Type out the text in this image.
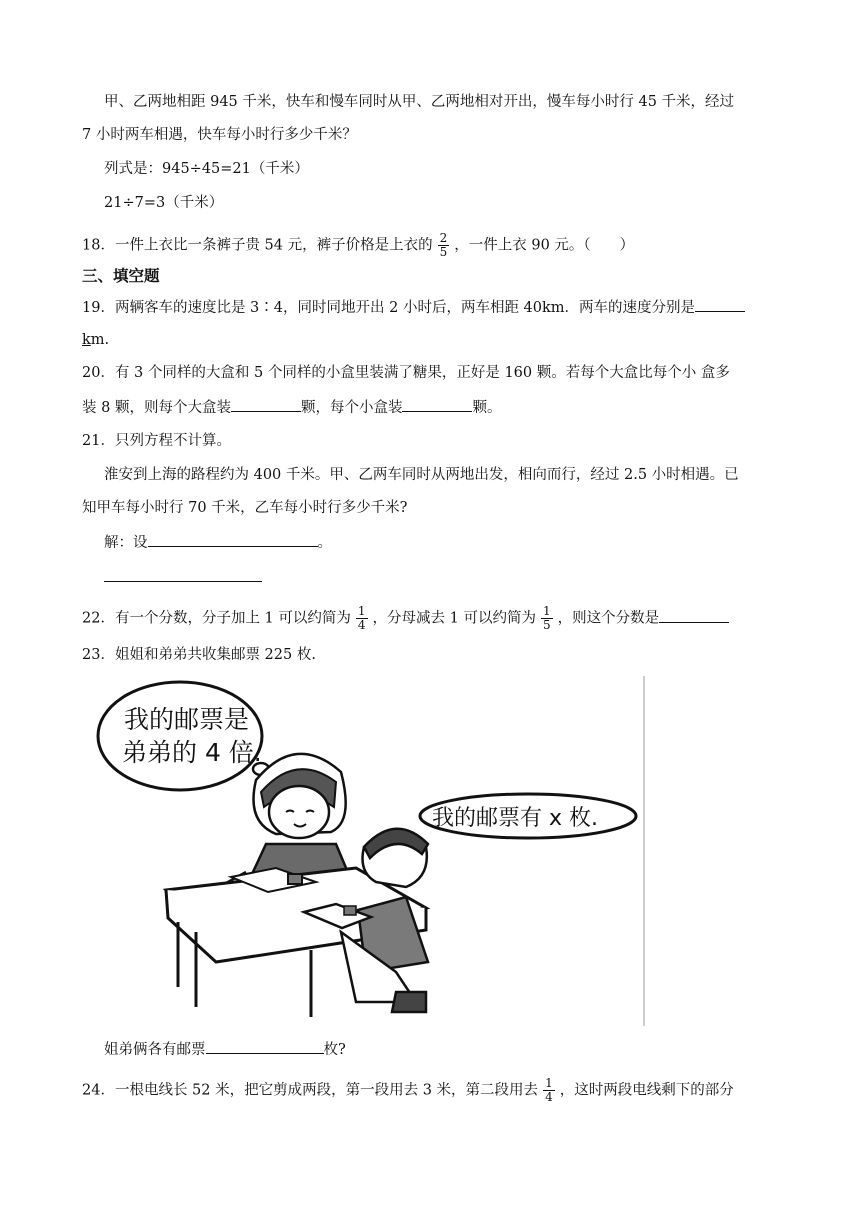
甲、乙两地相距 945 千米，快车和慢车同时从甲、乙两地相对开出，慢车每小时行 45 千米，经过
7 小时两车相遇，快车每小时行多少千米？
列式是：945÷45=21（千米）
21÷7=3（千米）
18．一件上衣比一条裤子贵 54 元，裤子价格是上衣的 $\frac{2}{5}$ ，一件上衣 90 元。（　　）
三、填空题
19．两辆客车的速度比是 3∶4，同时同地开出 2 小时后，两车相距 40km．两车的速度分别是
km.
20．有 3 个同样的大盒和 5 个同样的小盒里装满了糖果，正好是 160 颗。若每个大盒比每个小 盒多
装 8 颗，则每个大盒装	颗，每个小盒装	颗。
21．只列方程不计算。
淮安到上海的路程约为 400 千米。甲、乙两车同时从两地出发，相向而行，经过 2.5 小时相遇。已
知甲车每小时行 70 千米，乙车每小时行多少千米?
解：设	。
22．有一个分数，分子加上 1 可以约简为 $\frac{1}{4}$ ，分母减去 1 可以约简为 $\frac{1}{5}$ ，则这个分数是
23．姐姐和弟弟共收集邮票 225 枚.
我的邮票是
弟弟的 4 倍.
我的邮票有 x 枚.
姐弟俩各有邮票	枚?
24．一根电线长 52 米，把它剪成两段，第一段用去 3 米，第二段用去 $\frac{1}{4}$ ，这时两段电线剩下的部分
